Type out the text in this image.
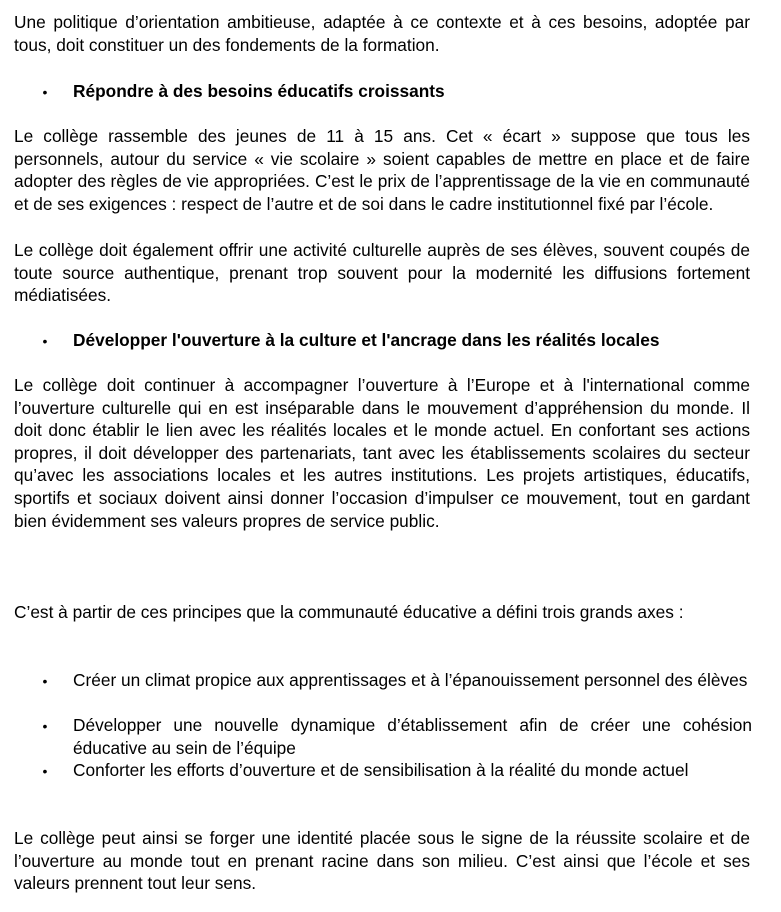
Une politique d’orientation ambitieuse, adaptée à ce contexte et à ces besoins, adoptée par tous, doit constituer un des fondements de la formation.

• Répondre à des besoins éducatifs croissants

Le collège rassemble des jeunes de 11 à 15 ans. Cet « écart » suppose que tous les personnels, autour du service « vie scolaire » soient capables de mettre en place et de faire adopter des règles de vie appropriées. C’est le prix de l’apprentissage de la vie en communauté et de ses exigences : respect de l’autre et de soi dans le cadre institutionnel fixé par l’école.

Le collège doit également offrir une activité culturelle auprès de ses élèves, souvent coupés de toute source authentique, prenant trop souvent pour la modernité les diffusions fortement médiatisées.

• Développer l'ouverture à la culture et l'ancrage dans les réalités locales

Le collège doit continuer à accompagner l’ouverture à l’Europe et à l'international comme l’ouverture culturelle qui en est inséparable dans le mouvement d’appréhension du monde. Il doit donc établir le lien avec les réalités locales et le monde actuel. En confortant ses actions propres, il doit développer des partenariats, tant avec les établissements scolaires du secteur qu’avec les associations locales et les autres institutions. Les projets artistiques, éducatifs, sportifs et sociaux doivent ainsi donner l’occasion d’impulser ce mouvement, tout en gardant bien évidemment ses valeurs propres de service public.

C’est à partir de ces principes que la communauté éducative a défini trois grands axes :

• Créer un climat propice aux apprentissages et à l’épanouissement personnel des élèves

• Développer une nouvelle dynamique d’établissement afin de créer une cohésion éducative au sein de l’équipe

• Conforter les efforts d’ouverture et de sensibilisation à la réalité du monde actuel

Le collège peut ainsi se forger une identité placée sous le signe de la réussite scolaire et de l’ouverture au monde tout en prenant racine dans son milieu. C’est ainsi que l’école et ses valeurs prennent tout leur sens.
